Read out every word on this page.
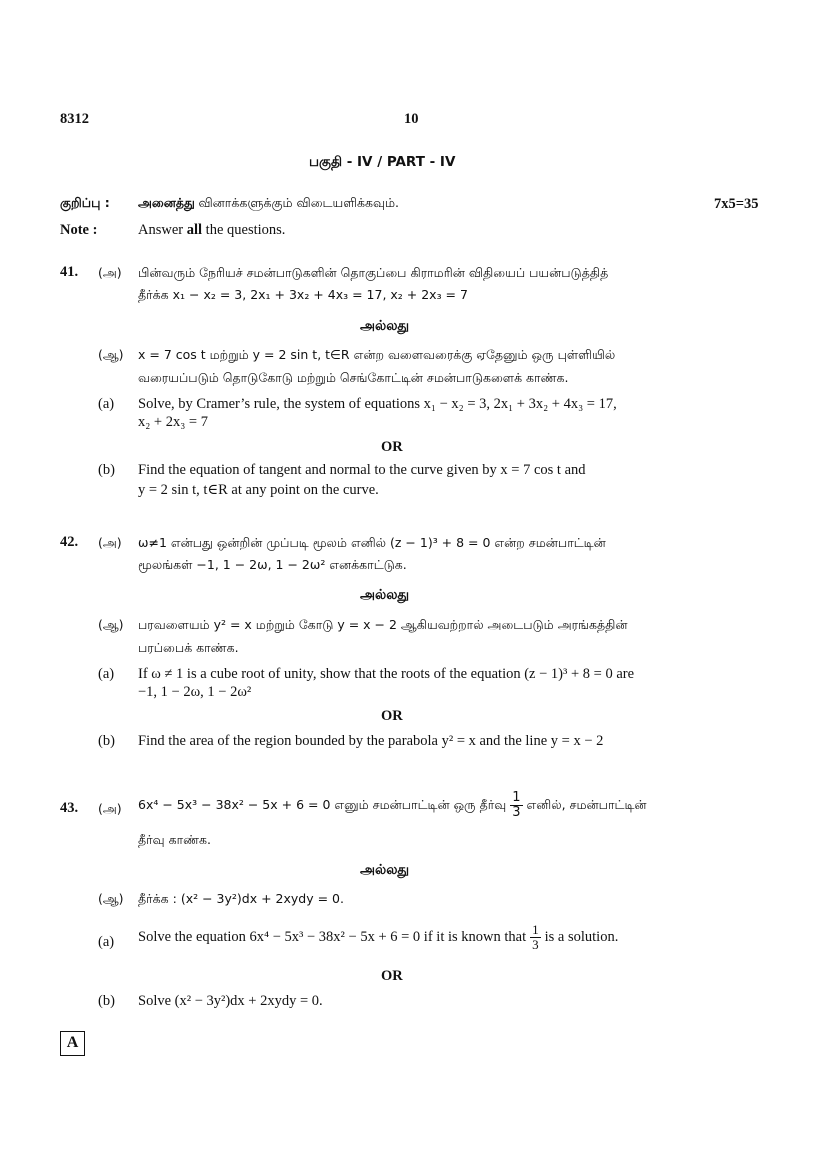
8312	10
பகுதி - IV / PART - IV
குறிப்பு : அனைத்து வினாக்களுக்கும் விடையளிக்கவும்.	7x5=35
Note :	Answer all the questions.
41. (அ) பின்வரும் நேரியச் சமன்பாடுகளின் தொகுப்பை கிராமரின் விதியைப் பயன்படுத்தித்
தீர்க்க x₁ − x₂ = 3, 2x₁ + 3x₂ + 4x₃ = 17, x₂ + 2x₃ = 7
அல்லது
(ஆ) x = 7 cos t மற்றும் y = 2 sin t, t∈R என்ற வளைவரைக்கு ஏதேனும் ஒரு புள்ளியில்
வரையப்படும் தொடுகோடு மற்றும் செங்கோட்டின் சமன்பாடுகளைக் காண்க.
(a) Solve, by Cramer’s rule, the system of equations x₁ − x₂ = 3, 2x₁ + 3x₂ + 4x₃ = 17,
x₂ + 2x₃ = 7
OR
(b) Find the equation of tangent and normal to the curve given by x = 7 cos t and
y = 2 sin t, t∈R at any point on the curve.
42. (அ) ω≠1 என்பது ஒன்றின் முப்படி மூலம் எனில் (z − 1)³ + 8 = 0 என்ற சமன்பாட்டின்
மூலங்கள் −1, 1 − 2ω, 1 − 2ω² எனக்காட்டுக.
அல்லது
(ஆ) பரவளையம் y² = x மற்றும் கோடு y = x − 2 ஆகியவற்றால் அடைபடும் அரங்கத்தின்
பரப்பைக் காண்க.
(a) If ω ≠ 1 is a cube root of unity, show that the roots of the equation (z − 1)³ + 8 = 0 are
−1, 1 − 2ω, 1 − 2ω²
OR
(b) Find the area of the region bounded by the parabola y² = x and the line y = x − 2
43. (அ) 6x⁴ − 5x³ − 38x² − 5x + 6 = 0 எனும் சமன்பாட்டின் ஒரு தீர்வு $\frac{1}{3}$ எனில், சமன்பாட்டின்
தீர்வு காண்க.
அல்லது
(ஆ) தீர்க்க : (x² − 3y²)dx + 2xydy = 0.
(a) Solve the equation 6x⁴ − 5x³ − 38x² − 5x + 6 = 0 if it is known that $\frac{1}{3}$ is a solution.
OR
(b) Solve (x² − 3y²)dx + 2xydy = 0.
A
